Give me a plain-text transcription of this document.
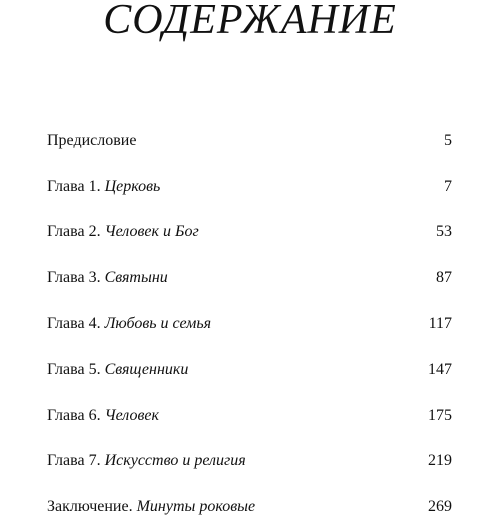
СОДЕРЖАНИЕ
Предисловие	5
Глава 1. Церковь	7
Глава 2. Человек и Бог	53
Глава 3. Святыни	87
Глава 4. Любовь и семья	117
Глава 5. Священники	147
Глава 6. Человек	175
Глава 7. Искусство и религия	219
Заключение. Минуты роковые	269
